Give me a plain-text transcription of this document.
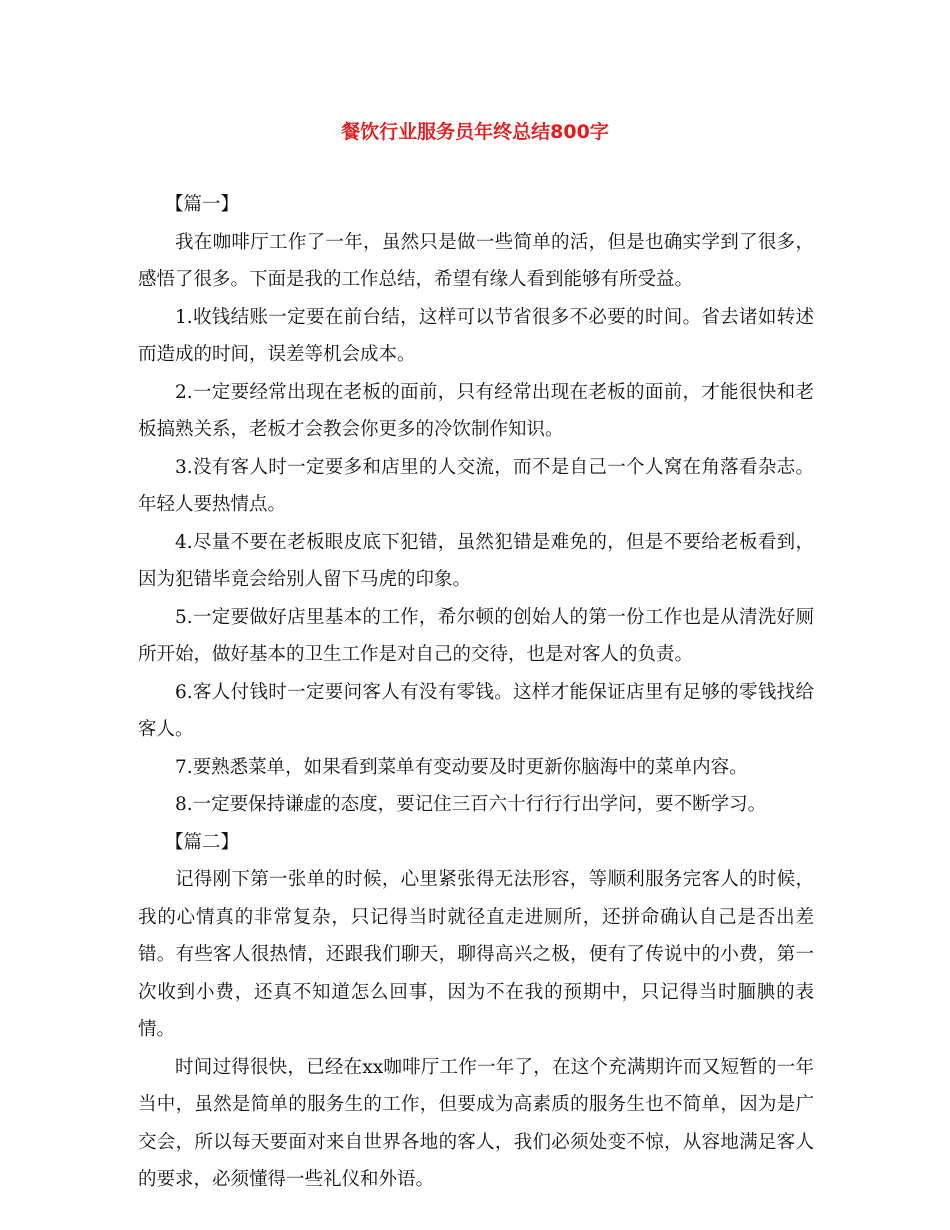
餐饮行业服务员年终总结800字

【篇一】

我在咖啡厅工作了一年，虽然只是做一些简单的活，但是也确实学到了很多，感悟了很多。下面是我的工作总结，希望有缘人看到能够有所受益。

1.收钱结账一定要在前台结，这样可以节省很多不必要的时间。省去诸如转述而造成的时间，误差等机会成本。

2.一定要经常出现在老板的面前，只有经常出现在老板的面前，才能很快和老板搞熟关系，老板才会教会你更多的冷饮制作知识。

3.没有客人时一定要多和店里的人交流，而不是自己一个人窝在角落看杂志。年轻人要热情点。

4.尽量不要在老板眼皮底下犯错，虽然犯错是难免的，但是不要给老板看到，因为犯错毕竟会给别人留下马虎的印象。

5.一定要做好店里基本的工作，希尔顿的创始人的第一份工作也是从清洗好厕所开始，做好基本的卫生工作是对自己的交待，也是对客人的负责。

6.客人付钱时一定要问客人有没有零钱。这样才能保证店里有足够的零钱找给客人。

7.要熟悉菜单，如果看到菜单有变动要及时更新你脑海中的菜单内容。

8.一定要保持谦虚的态度，要记住三百六十行行行出学问，要不断学习。

【篇二】

记得刚下第一张单的时候，心里紧张得无法形容，等顺利服务完客人的时候，我的心情真的非常复杂，只记得当时就径直走进厕所，还拼命确认自己是否出差错。有些客人很热情，还跟我们聊天，聊得高兴之极，便有了传说中的小费，第一次收到小费，还真不知道怎么回事，因为不在我的预期中，只记得当时腼腆的表情。

时间过得很快，已经在xx咖啡厅工作一年了，在这个充满期许而又短暂的一年当中，虽然是简单的服务生的工作，但要成为高素质的服务生也不简单，因为是广交会，所以每天要面对来自世界各地的客人，我们必须处变不惊，从容地满足客人的要求，必须懂得一些礼仪和外语。
